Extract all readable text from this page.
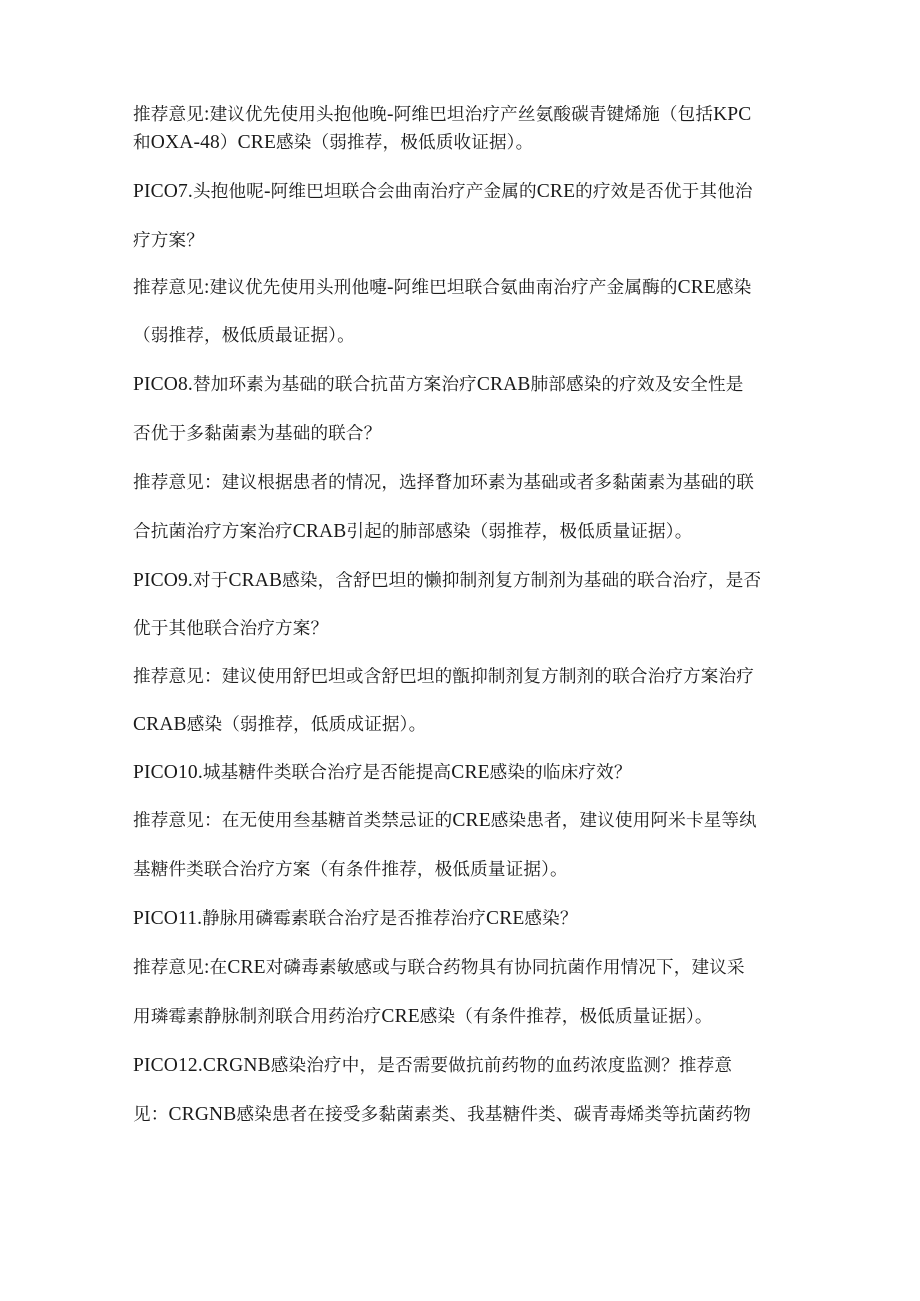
推荐意见:建议优先使用头抱他晚-阿维巴坦治疗产丝氨酸碳青键烯施（包括KPC
和OXA-48）CRE感染（弱推荐，极低质收证据）。
PICO7.头抱他呢-阿维巴坦联合会曲南治疗产金属的CRE的疗效是否优于其他治
疗方案？
推荐意见:建议优先使用头刑他嚏-阿维巴坦联合氨曲南治疗产金属酶的CRE感染
（弱推荐，极低质最证据）。
PICO8.替加环素为基础的联合抗苗方案治疗CRAB肺部感染的疗效及安全性是
否优于多黏菌素为基础的联合？
推荐意见：建议根据患者的情况，选择瞀加环素为基础或者多黏菌素为基础的联
合抗菌治疗方案治疗CRAB引起的肺部感染（弱推荐，极低质量证据）。
PICO9.对于CRAB感染，含舒巴坦的懒抑制剂复方制剂为基础的联合治疗，是否
优于其他联合治疗方案？
推荐意见：建议使用舒巴坦或含舒巴坦的甑抑制剂复方制剂的联合治疗方案治疗
CRAB感染（弱推荐，低质成证据）。
PICO10.城基糖件类联合治疗是否能提高CRE感染的临床疗效？
推荐意见：在无使用叁基糖首类禁忌证的CRE感染患者，建议使用阿米卡星等纨
基糖件类联合治疗方案（有条件推荐，极低质量证据）。
PICO11.静脉用磷霉素联合治疗是否推荐治疗CRE感染？
推荐意见:在CRE对磷毒素敏感或与联合药物具有协同抗菌作用情况下，建议采
用璘霉素静脉制剂联合用药治疗CRE感染（有条件推荐，极低质量证据）。
PICO12.CRGNB感染治疗中，是否需要做抗前药物的血药浓度监测？推荐意
见：CRGNB感染患者在接受多黏菌素类、我基糖件类、碳青毒烯类等抗菌药物
